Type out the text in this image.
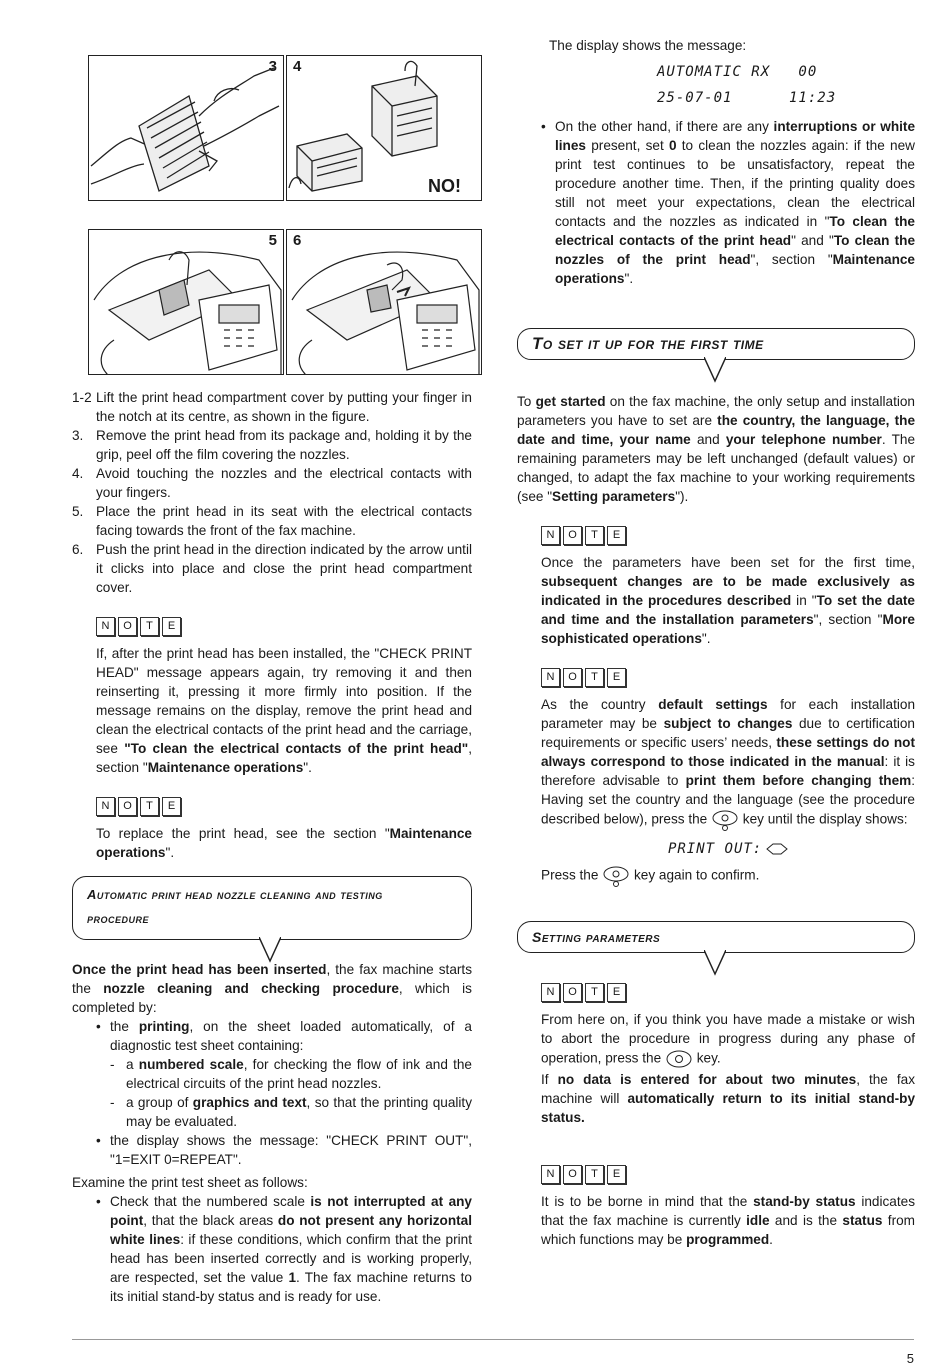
3 4
NO!
5 6
1-2 Lift the print head compartment cover by putting your finger in the notch at its centre, as shown in the figure.
3. Remove the print head from its package and, holding it by the grip, peel off the film covering the nozzles.
4. Avoid touching the nozzles and the electrical contacts with your fingers.
5. Place the print head in its seat with the electrical contacts facing towards the front of the fax machine.
6. Push the print head in the direction indicated by the arrow until it clicks into place and close the print head compartment cover.
N	O	T	E

If, after the print head has been installed, the "CHECK PRINT HEAD" message appears again, try removing it and then reinserting it, pressing it more firmly into position. If the message remains on the display, remove the print head and clean the electrical contacts of the print head and the carriage, see "To clean the electrical contacts of the print head", section "Maintenance operations".

N	O	T	E

To replace the print head, see the section "Maintenance operations".

Automatic print head nozzle cleaning and testing
procedure

Once the print head has been inserted, the fax machine starts the nozzle cleaning and checking procedure, which is completed by:

• the printing, on the sheet loaded automatically, of a diagnostic test sheet containing:
- a numbered scale, for checking the flow of ink and the electrical circuits of the print head nozzles.
- a group of graphics and text, so that the printing quality may be evaluated.
• the display shows the message: "CHECK PRINT OUT", "1=EXIT 0=REPEAT".

Examine the print test sheet as follows:

• Check that the numbered scale is not interrupted at any point, that the black areas do not present any horizontal white lines: if these conditions, which confirm that the print head has been inserted correctly and is working properly, are respected, set the value 1. The fax machine returns to its initial stand-by status and is ready for use.

The display shows the message:

AUTOMATIC RX   00
25-07-01      11:23
• On the other hand, if there are any interruptions or white lines present, set 0 to clean the nozzles again: if the new print test continues to be unsatisfactory, repeat the procedure another time. Then, if the printing quality does still not meet your expectations, clean the electrical contacts and the nozzles as indicated in "To clean the electrical contacts of the print head" and "To clean the nozzles of the print head", section "Maintenance operations".
To set it up for the first time

To get started on the fax machine, the only setup and installation parameters you have to set are the country, the language, the date and time, your name and your telephone number. The remaining parameters may be left unchanged (default values) or changed, to adapt the fax machine to your working requirements (see "Setting parameters").

N	O	T	E

Once the parameters have been set for the first time, subsequent changes are to be made exclusively as indicated in the procedures described in "To set the date and time and the installation parameters", section "More sophisticated operations".

N	O	T	E

As the country default settings for each installation parameter may be subject to changes due to certification requirements or specific users’ needs, these settings do not always correspond to those indicated in the manual: it is therefore advisable to print them before changing them: Having set the country and the language (see the procedure described below), press the	key until the display shows:

PRINT OUT:

Press the	key again to confirm.

Setting parameters
N	O	T	E

From here on, if you think you have made a mistake or wish to abort the procedure in progress during any phase of operation, press the	key.

If no data is entered for about two minutes, the fax machine will automatically return to its initial stand-by status.

N	O	T	E

It is to be borne in mind that the stand-by status indicates that the fax machine is currently idle and is the status from which functions may be programmed.

5
